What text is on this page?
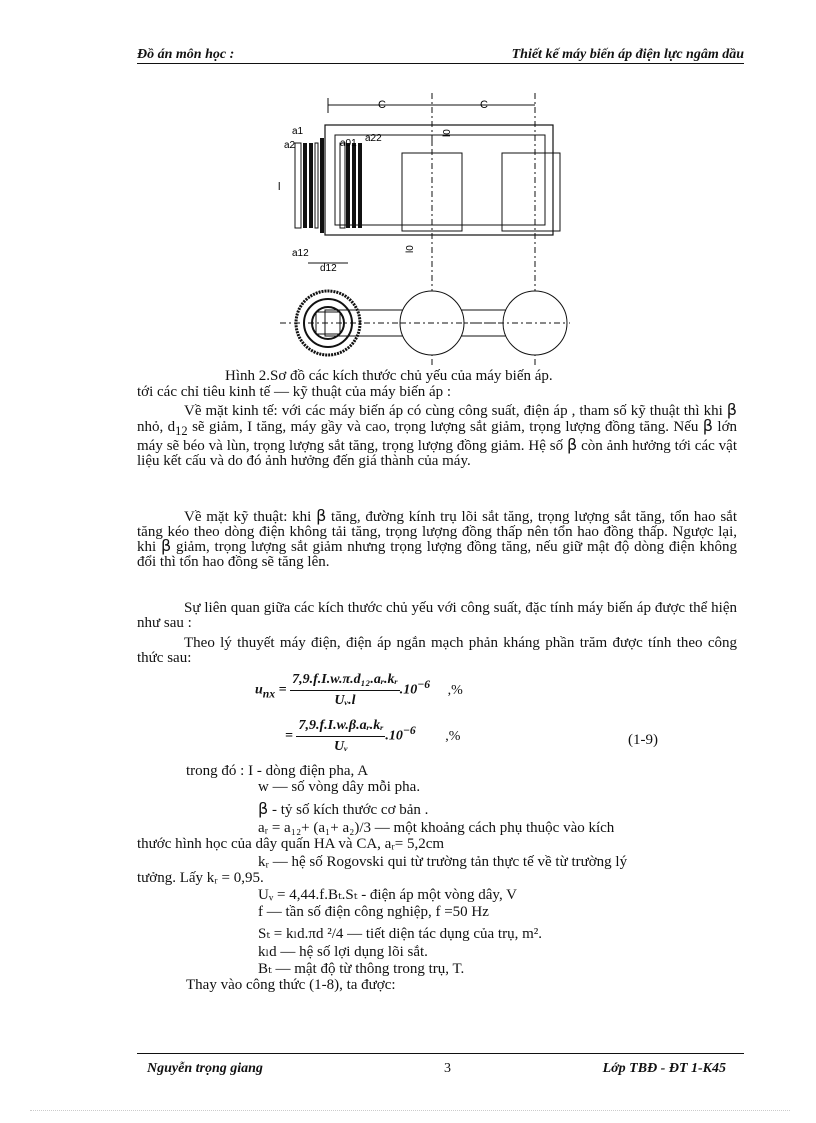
Đồ án môn học :	Thiết kế máy biến áp điện lực ngâm dầu
C	C
a1
a01 a22
a2
l
l0
l0
a12
d12
Hình 2.Sơ đồ các kích thước chủ yếu của máy biến áp.
tới các chỉ tiêu kinh tế — kỹ thuật của máy biến áp :

Về mặt kinh tế: với các máy biến áp có cùng công suất, điện áp , tham số kỹ thuật thì khi β nhỏ, $d_{12}$ sẽ giảm, I tăng, máy gầy và cao, trọng lượng sắt giảm, trọng lượng đồng tăng. Nếu β lớn máy sẽ béo và lùn, trọng lượng sắt tăng, trọng lượng đồng giảm. Hệ số β còn ảnh hưởng tới các vật liệu kết cấu và do đó ảnh hưởng đến giá thành của máy.

Về mặt kỹ thuật: khi β tăng, đường kính trụ lõi sắt tăng, trọng lượng sắt tăng, tổn hao sắt tăng kéo theo dòng điện không tải tăng, trọng lượng đồng thấp nên tổn hao đồng thấp. Ngược lại, khi β giảm, trọng lượng sắt giảm nhưng trọng lượng đồng tăng, nếu giữ mật độ dòng điện không đổi thì tổn hao đồng sẽ tăng lên.

Sự liên quan giữa các kích thước chủ yếu với công suất, đặc tính máy biến áp được thể hiện như sau :

Theo lý thuyết máy điện, điện áp ngắn mạch phản kháng phần trăm được tính theo công thức sau:

$u_{nx} = \frac{\text{7,9.f.I.w.π.d₁₂.aᵣ.kᵣ}}{\text{Uᵥ.l}} .10^{-6}$ ,%
= $\frac{\text{7,9.f.I.w.β.aᵣ.kᵣ}}{\text{Uᵥ}} .10^{-6}$ ,%	(1-9)
trong đó : I - dòng điện pha, A
w — số vòng dây mỗi pha.
β - tỷ số kích thước cơ bản .
aᵣ = a₁₂+ (a₁+ a₂)/3 — một khoảng cách phụ thuộc vào kích
thước hình học của dây quấn HA và CA, aᵣ= 5,2cm
kᵣ — hệ số Rogovski qui từ trường tản thực tế về từ trường lý
tưởng. Lấy kᵣ = 0,95.
Uᵥ = 4,44.f.Bₜ.Sₜ - điện áp một vòng dây, V
f — tần số điện công nghiệp, f =50 Hz
Sₜ = kₗd.πd ²/4 — tiết diện tác dụng của trụ, m².
kₗd — hệ số lợi dụng lõi sắt.
Bₜ — mật độ từ thông trong trụ, T.
Thay vào công thức (1-8), ta được:
Nguyễn trọng giang	3	Lớp TBĐ - ĐT 1-K45
